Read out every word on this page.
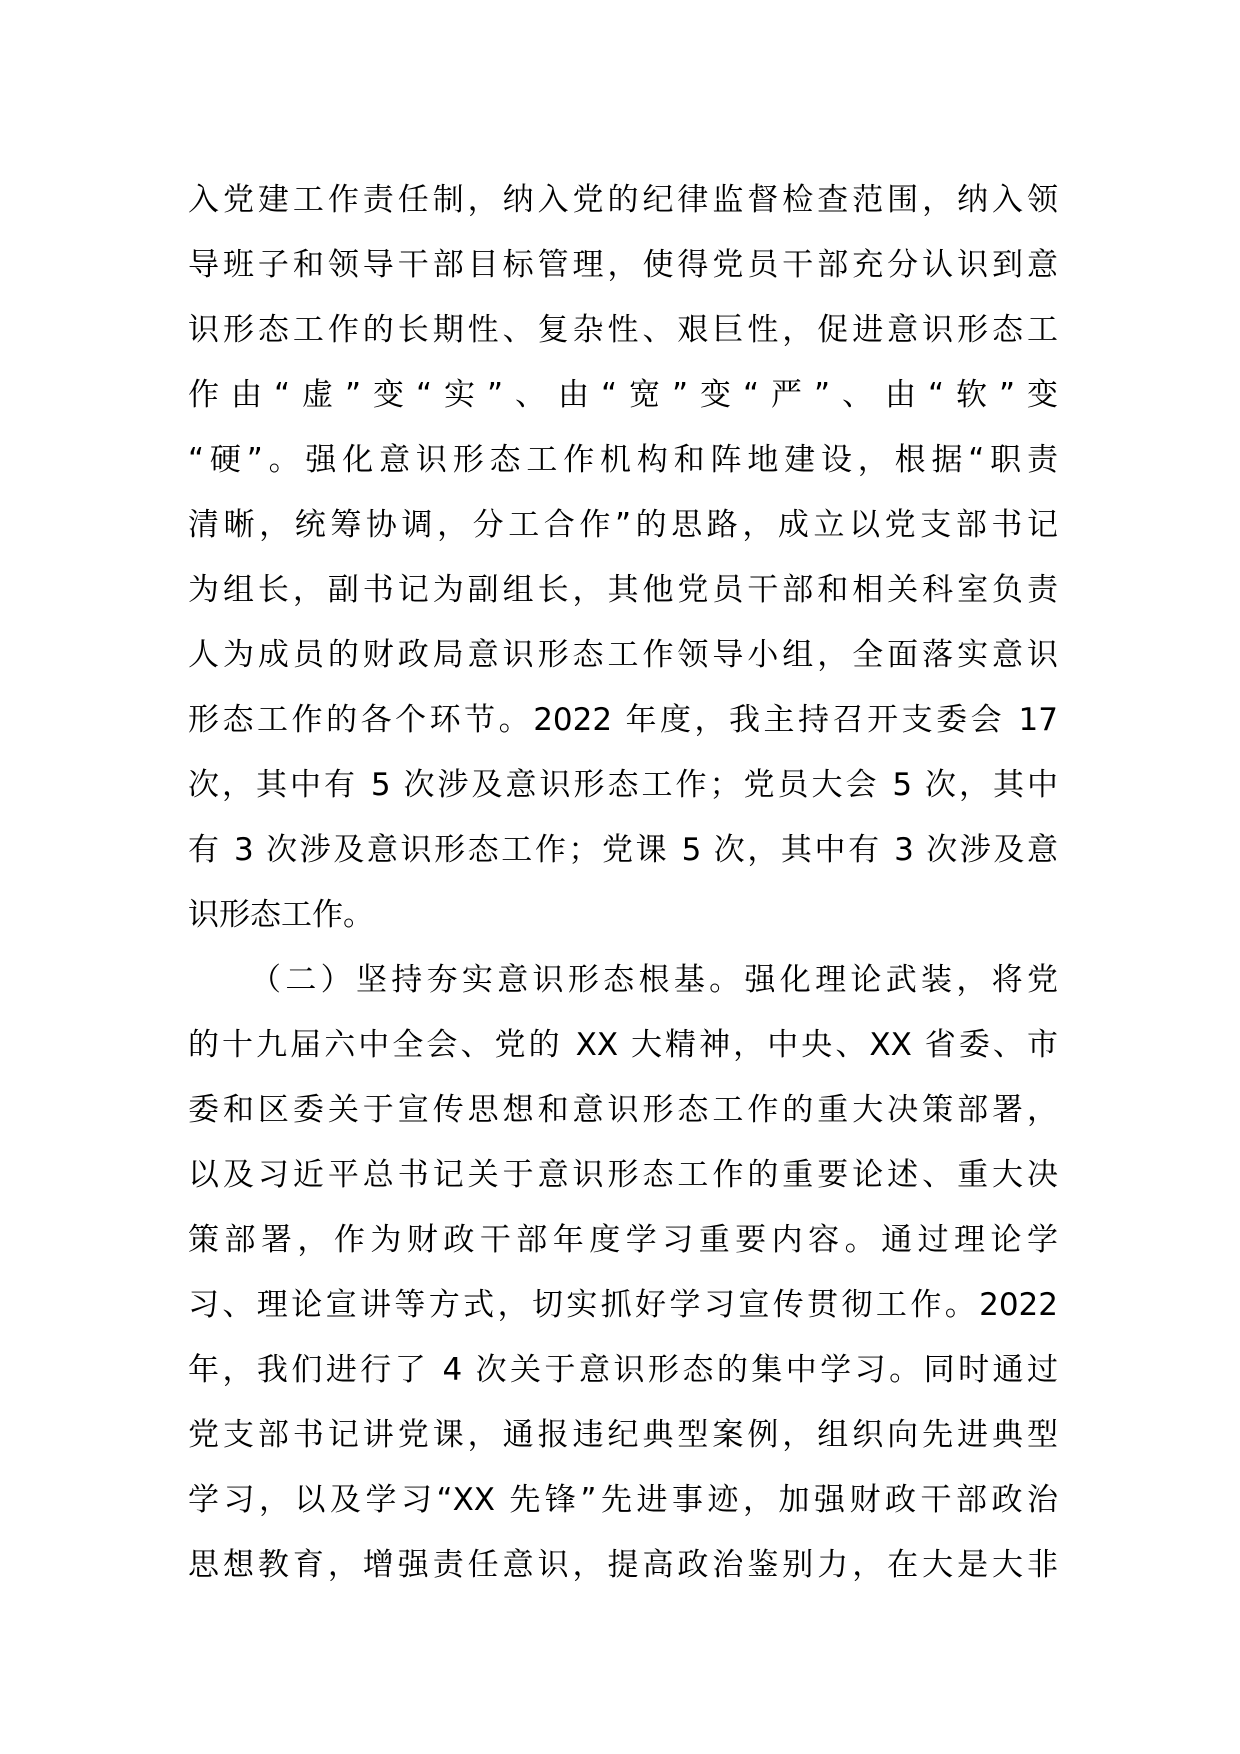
入党建工作责任制，纳入党的纪律监督检查范围，纳入领
导班子和领导干部目标管理，使得党员干部充分认识到意
识形态工作的长期性、复杂性、艰巨性，促进意识形态工
作由“虚”变“实”、由“宽”变“严”、由“软”变
“硬”。强化意识形态工作机构和阵地建设，根据“职责
清晰，统筹协调，分工合作”的思路，成立以党支部书记
为组长，副书记为副组长，其他党员干部和相关科室负责
人为成员的财政局意识形态工作领导小组，全面落实意识
形态工作的各个环节。2022 年度，我主持召开支委会 17
次，其中有 5 次涉及意识形态工作；党员大会 5 次，其中
有 3 次涉及意识形态工作；党课 5 次，其中有 3 次涉及意
识形态工作。
（二）坚持夯实意识形态根基。强化理论武装，将党
的十九届六中全会、党的 XX 大精神，中央、XX 省委、市
委和区委关于宣传思想和意识形态工作的重大决策部署，
以及习近平总书记关于意识形态工作的重要论述、重大决
策部署，作为财政干部年度学习重要内容。通过理论学
习、理论宣讲等方式，切实抓好学习宣传贯彻工作。2022
年，我们进行了 4 次关于意识形态的集中学习。同时通过
党支部书记讲党课，通报违纪典型案例，组织向先进典型
学习，以及学习“XX 先锋”先进事迹，加强财政干部政治
思想教育，增强责任意识，提高政治鉴别力，在大是大非
